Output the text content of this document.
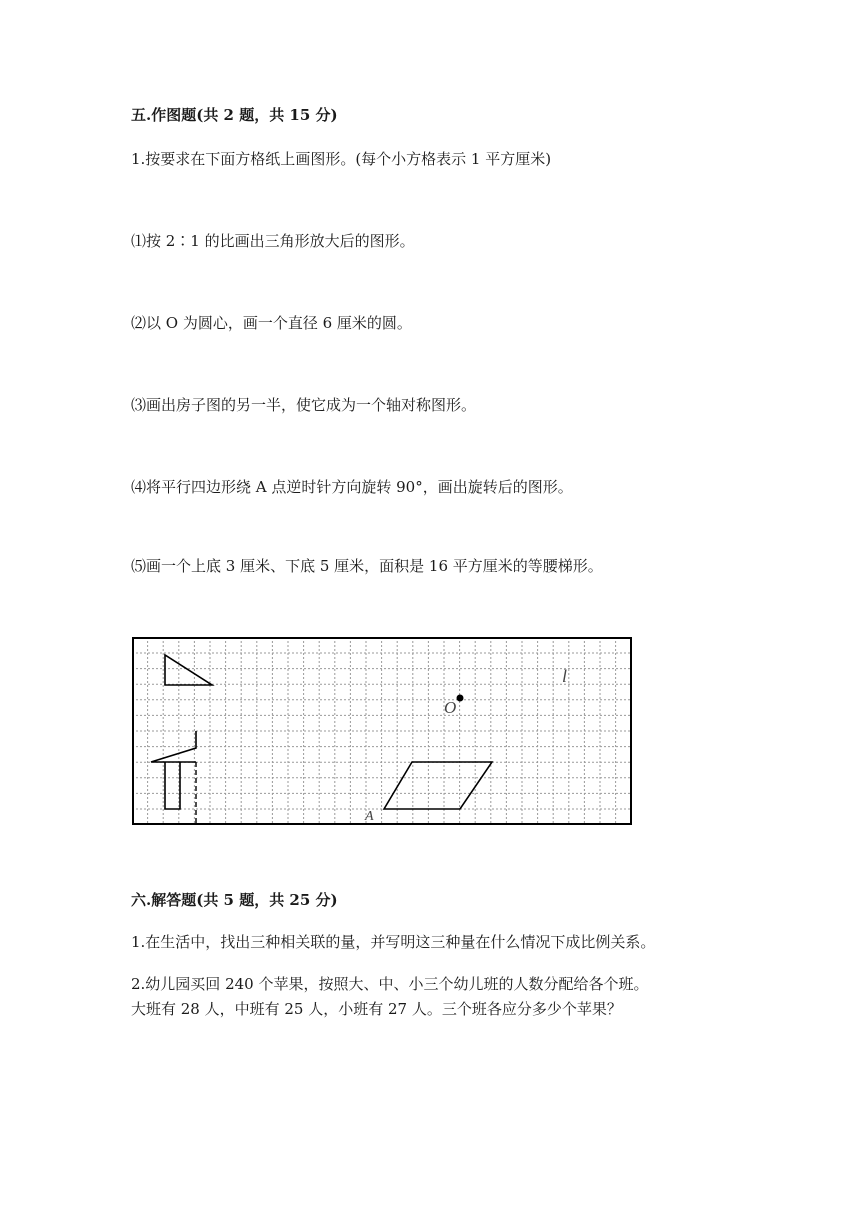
五.作图题(共 2 题，共 15 分)

1.按要求在下面方格纸上画图形。(每个小方格表示 1 平方厘米)

⑴按 2∶1 的比画出三角形放大后的图形。

⑵以 O 为圆心，画一个直径 6 厘米的圆。

⑶画出房子图的另一半，使它成为一个轴对称图形。

⑷将平行四边形绕 A 点逆时针方向旋转 90°，画出旋转后的图形。

⑸画一个上底 3 厘米、下底 5 厘米，面积是 16 平方厘米的等腰梯形。

O
A
l

六.解答题(共 5 题，共 25 分)

1.在生活中，找出三种相关联的量，并写明这三种量在什么情况下成比例关系。

2.幼儿园买回 240 个苹果，按照大、中、小三个幼儿班的人数分配给各个班。

大班有 28 人，中班有 25 人，小班有 27 人。三个班各应分多少个苹果？
